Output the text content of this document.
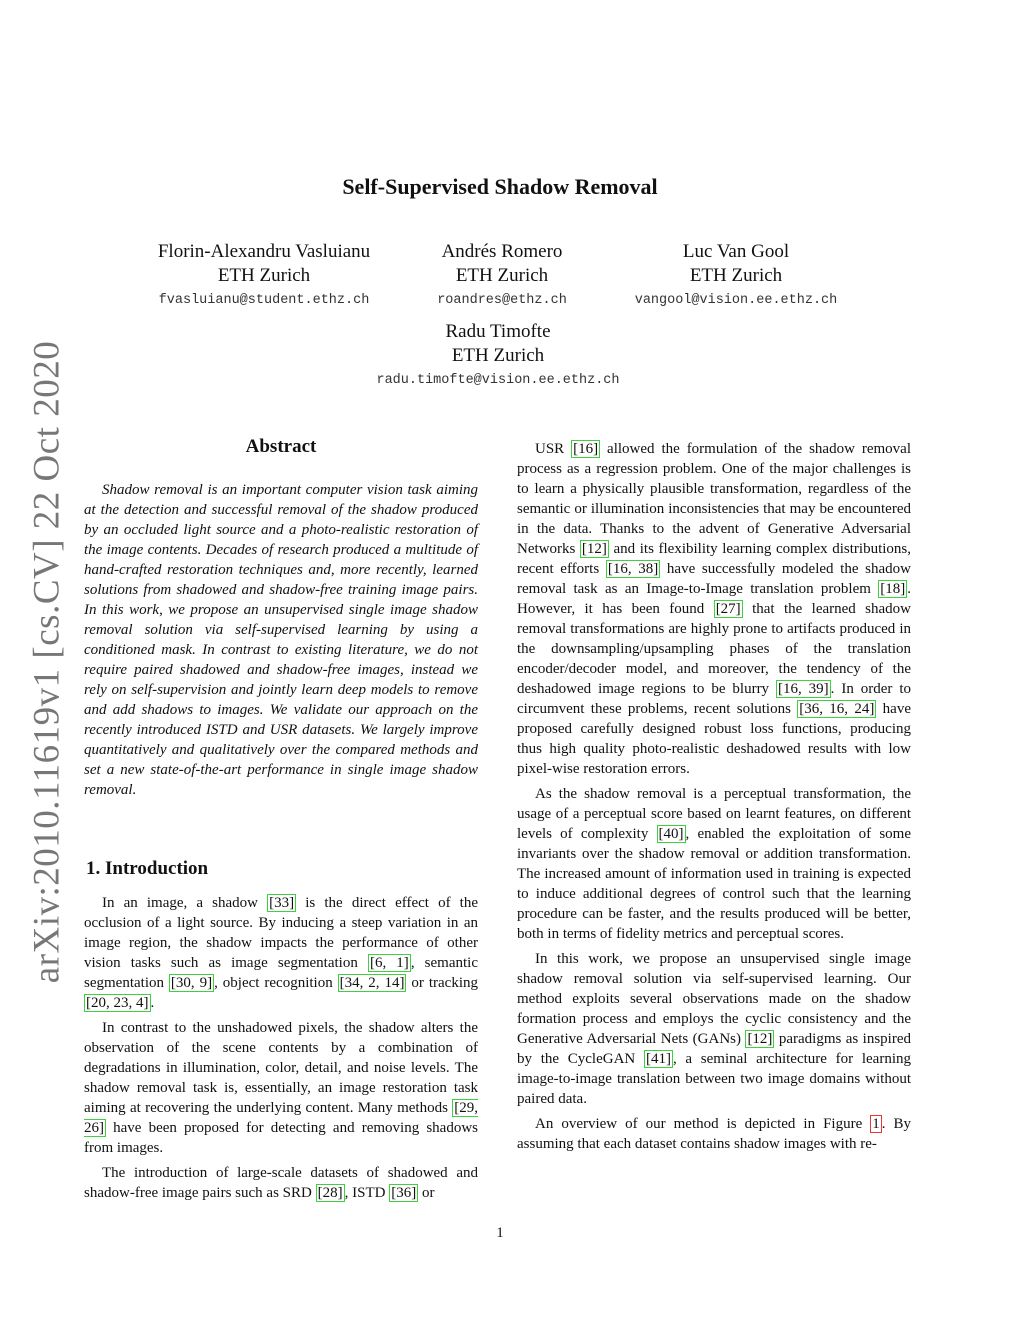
arXiv:2010.11619v1 [cs.CV] 22 Oct 2020
Self-Supervised Shadow Removal
Florin-Alexandru Vasluianu
ETH Zurich
fvasluianu@student.ethz.ch
Andrés Romero
ETH Zurich
roandres@ethz.ch
Luc Van Gool
ETH Zurich
vangool@vision.ee.ethz.ch
Radu Timofte
ETH Zurich
radu.timofte@vision.ee.ethz.ch
Abstract

Shadow removal is an important computer vision task aiming at the detection and successful removal of the shadow produced by an occluded light source and a photo-realistic restoration of the image contents. Decades of research produced a multitude of hand-crafted restoration techniques and, more recently, learned solutions from shadowed and shadow-free training image pairs. In this work, we propose an unsupervised single image shadow removal solution via self-supervised learning by using a conditioned mask. In contrast to existing literature, we do not require paired shadowed and shadow-free images, instead we rely on self-supervision and jointly learn deep models to remove and add shadows to images. We validate our approach on the recently introduced ISTD and USR datasets. We largely improve quantitatively and qualitatively over the compared methods and set a new state-of-the-art performance in single image shadow removal.

1. Introduction

In an image, a shadow [33] is the direct effect of the occlusion of a light source. By inducing a steep variation in an image region, the shadow impacts the performance of other vision tasks such as image segmentation [6, 1] , semantic segmentation [30, 9] , object recognition [34, 2, 14] or tracking [20, 23, 4] .

In contrast to the unshadowed pixels, the shadow alters the observation of the scene contents by a combination of degradations in illumination, color, detail, and noise levels. The shadow removal task is, essentially, an image restoration task aiming at recovering the underlying content. Many methods [29, 26] have been proposed for detecting and removing shadows from images.

The introduction of large-scale datasets of shadowed and shadow-free image pairs such as SRD [28] , ISTD [36] or

USR [16] allowed the formulation of the shadow removal process as a regression problem. One of the major challenges is to learn a physically plausible transformation, regardless of the semantic or illumination inconsistencies that may be encountered in the data. Thanks to the advent of Generative Adversarial Networks [12] and its flexibility learning complex distributions, recent efforts [16, 38] have successfully modeled the shadow removal task as an Image-to-Image translation problem [18] . However, it has been found [27] that the learned shadow removal transformations are highly prone to artifacts produced in the downsampling/upsampling phases of the translation encoder/decoder model, and moreover, the tendency of the deshadowed image regions to be blurry [16, 39] . In order to circumvent these problems, recent solutions [36, 16, 24] have proposed carefully designed robust loss functions, producing thus high quality photo-realistic deshadowed results with low pixel-wise restoration errors.

As the shadow removal is a perceptual transformation, the usage of a perceptual score based on learnt features, on different levels of complexity [40] , enabled the exploitation of some invariants over the shadow removal or addition transformation. The increased amount of information used in training is expected to induce additional degrees of control such that the learning procedure can be faster, and the results produced will be better, both in terms of fidelity metrics and perceptual scores.

In this work, we propose an unsupervised single image shadow removal solution via self-supervised learning. Our method exploits several observations made on the shadow formation process and employs the cyclic consistency and the Generative Adversarial Nets (GANs) [12] paradigms as inspired by the CycleGAN [41] , a seminal architecture for learning image-to-image translation between two image domains without paired data.

An overview of our method is depicted in Figure 1 . By assuming that each dataset contains shadow images with re-

1
